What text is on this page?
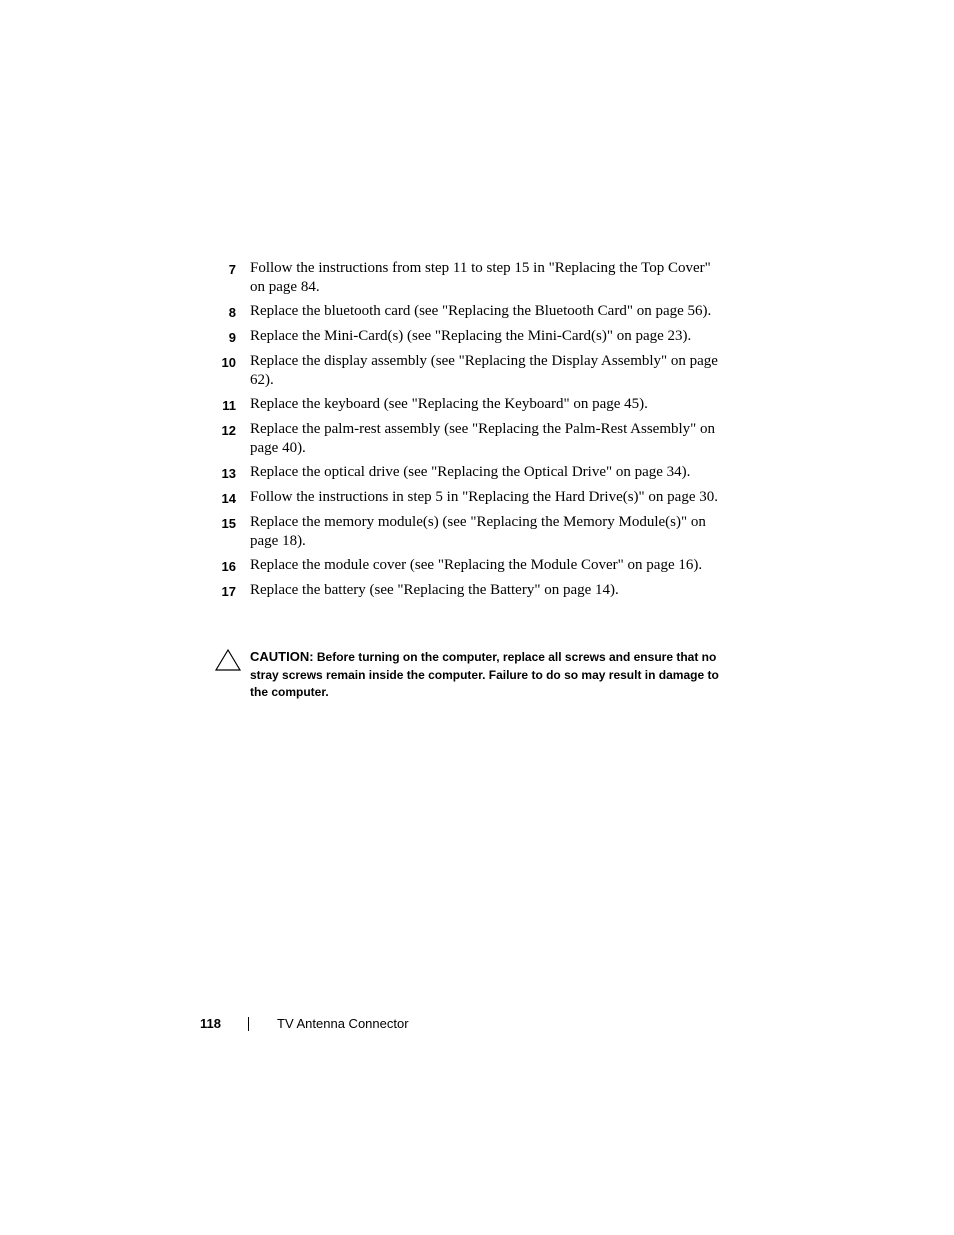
7 Follow the instructions from step 11 to step 15 in "Replacing the Top Cover" on page 84.
8 Replace the bluetooth card (see "Replacing the Bluetooth Card" on page 56).
9 Replace the Mini-Card(s) (see "Replacing the Mini-Card(s)" on page 23).
10 Replace the display assembly (see "Replacing the Display Assembly" on page 62).
11 Replace the keyboard (see "Replacing the Keyboard" on page 45).
12 Replace the palm-rest assembly (see "Replacing the Palm-Rest Assembly" on page 40).
13 Replace the optical drive (see "Replacing the Optical Drive" on page 34).
14 Follow the instructions in step 5 in "Replacing the Hard Drive(s)" on page 30.
15 Replace the memory module(s) (see "Replacing the Memory Module(s)" on page 18).
16 Replace the module cover (see "Replacing the Module Cover" on page 16).
17 Replace the battery (see "Replacing the Battery" on page 14).
CAUTION: Before turning on the computer, replace all screws and ensure that no stray screws remain inside the computer. Failure to do so may result in damage to the computer.
118	TV Antenna Connector
